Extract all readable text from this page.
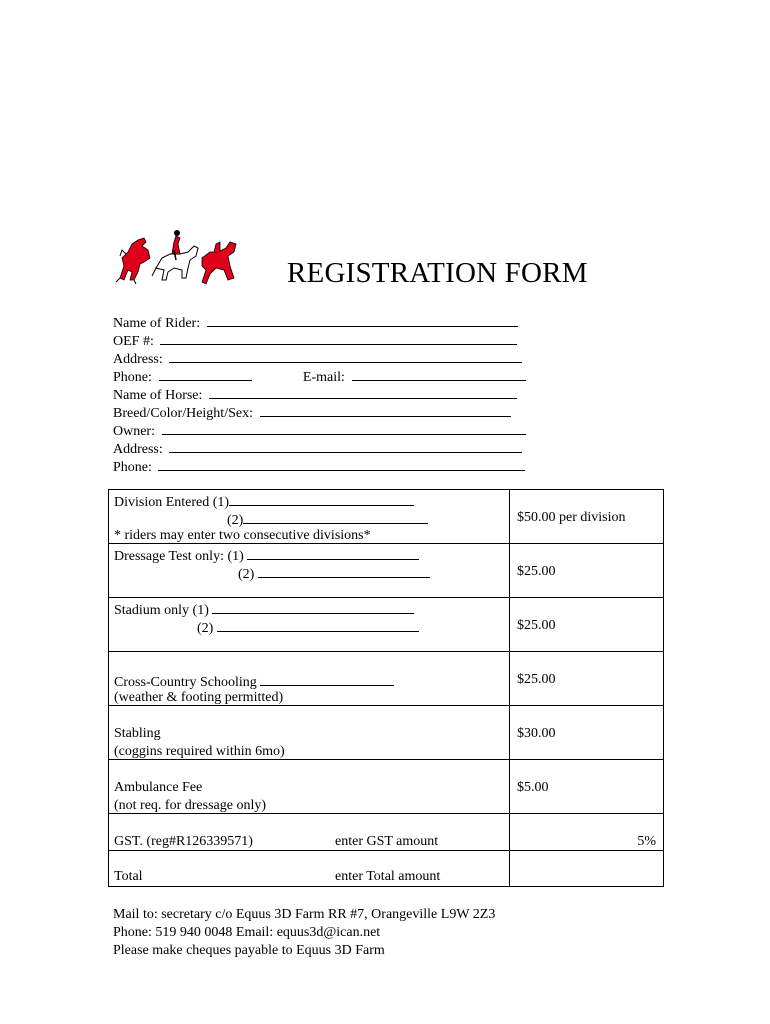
REGISTRATION FORM
Name of Rider:
OEF #:
Address:
Phone:	E-mail:
Name of Horse:
Breed/Color/Height/Sex:
Owner:
Address:
Phone:
Division Entered (1)
(2)
* riders may enter two consecutive divisions*	$50.00 per division

Dressage Test only: (1)
(2)	$25.00

Stadium only (1)
(2)	$25.00

Cross-Country Schooling
(weather & footing permitted)	$25.00

Stabling
(coggins required within 6mo)	$30.00

Ambulance Fee
(not req. for dressage only)	$5.00

GST. (reg#R126339571) enter GST amount	5%

Total enter Total amount	

Mail to: secretary c/o Equus 3D Farm RR #7, Orangeville L9W 2Z3
Phone: 519 940 0048 Email: equus3d@ican.net
Please make cheques payable to Equus 3D Farm
